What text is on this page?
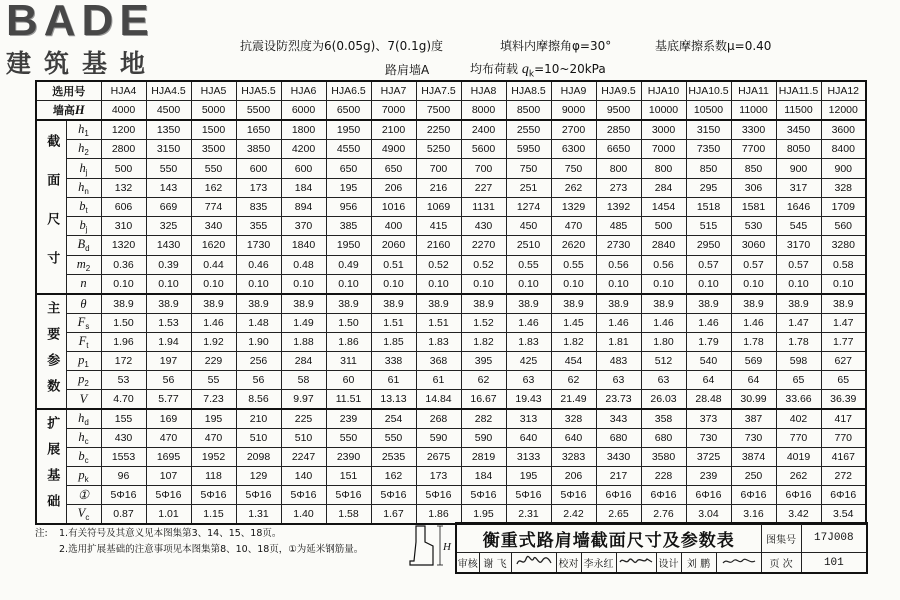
BADE
建筑基地
抗震设防烈度为6(0.05g)、7(0.1g)度	填料内摩擦角φ=30°	基底摩擦系数μ=0.40
路肩墙A	均布荷载 $q_k=10\sim 20kPa$
选用号		HJA4	HJA4.5	HJA5	HJA5.5	HJA6	HJA6.5	HJA7	HJA7.5	HJA8	HJA8.5	HJA9	HJA9.5	HJA10	HJA10.5	HJA11	HJA11.5	HJA12
墙高H		4000	4500	5000	5500	6000	6500	7000	7500	8000	8500	9000	9500	10000	10500	11000	11500	12000
截面尺寸	$h_1$	1200	1350	1500	1650	1800	1950	2100	2250	2400	2550	2700	2850	3000	3150	3300	3450	3600
	$h_2$	2800	3150	3500	3850	4200	4550	4900	5250	5600	5950	6300	6650	7000	7350	7700	8050	8400
	$h_j$	500	550	550	600	600	650	650	700	700	750	750	800	800	850	850	900	900
	$h_n$	132	143	162	173	184	195	206	216	227	251	262	273	284	295	306	317	328
	$b_t$	606	669	774	835	894	956	1016	1069	1131	1274	1329	1392	1454	1518	1581	1646	1709
	$b_j$	310	325	340	355	370	385	400	415	430	450	470	485	500	515	530	545	560
	$B_d$	1320	1430	1620	1730	1840	1950	2060	2160	2270	2510	2620	2730	2840	2950	3060	3170	3280
	$m_2$	0.36	0.39	0.44	0.46	0.48	0.49	0.51	0.52	0.52	0.55	0.55	0.56	0.56	0.57	0.57	0.57	0.58
	n	0.10	0.10	0.10	0.10	0.10	0.10	0.10	0.10	0.10	0.10	0.10	0.10	0.10	0.10	0.10	0.10	0.10
主要参数	θ	38.9	38.9	38.9	38.9	38.9	38.9	38.9	38.9	38.9	38.9	38.9	38.9	38.9	38.9	38.9	38.9	38.9
	$F_s$	1.50	1.53	1.46	1.48	1.49	1.50	1.51	1.51	1.52	1.46	1.45	1.46	1.46	1.46	1.46	1.47	1.47
	$F_t$	1.96	1.94	1.92	1.90	1.88	1.86	1.85	1.83	1.82	1.83	1.82	1.81	1.80	1.79	1.78	1.78	1.77
	$p_1$	172	197	229	256	284	311	338	368	395	425	454	483	512	540	569	598	627
	$p_2$	53	56	55	56	58	60	61	61	62	63	62	63	63	64	64	65	65
	V	4.70	5.77	7.23	8.56	9.97	11.51	13.13	14.84	16.67	19.43	21.49	23.73	26.03	28.48	30.99	33.66	36.39
扩展基础	$h_d$	155	169	195	210	225	239	254	268	282	313	328	343	358	373	387	402	417
	$h_c$	430	470	470	510	510	550	550	590	590	640	640	680	680	730	730	770	770
	$b_c$	1553	1695	1952	2098	2247	2390	2535	2675	2819	3133	3283	3430	3580	3725	3874	4019	4167
	$p_k$	96	107	118	129	140	151	162	173	184	195	206	217	228	239	250	262	272
	①	5Φ16	5Φ16	5Φ16	5Φ16	5Φ16	5Φ16	5Φ16	5Φ16	5Φ16	5Φ16	5Φ16	6Φ16	6Φ16	6Φ16	6Φ16	6Φ16	6Φ16
	$V_c$	0.87	1.01	1.15	1.31	1.40	1.58	1.67	1.86	1.95	2.31	2.42	2.65	2.76	3.04	3.16	3.42	3.54
注: 1.有关符号及其意义见本图集第3、14、15、18页。
2.选用扩展基础的注意事项见本图集第8、10、18页，①为延米钢筋量。	H 衡重式路肩墙截面尺寸及参数表									图集号	17J008
审核	谢 飞		校对	李永红		设计	刘 鹏		页 次	101
